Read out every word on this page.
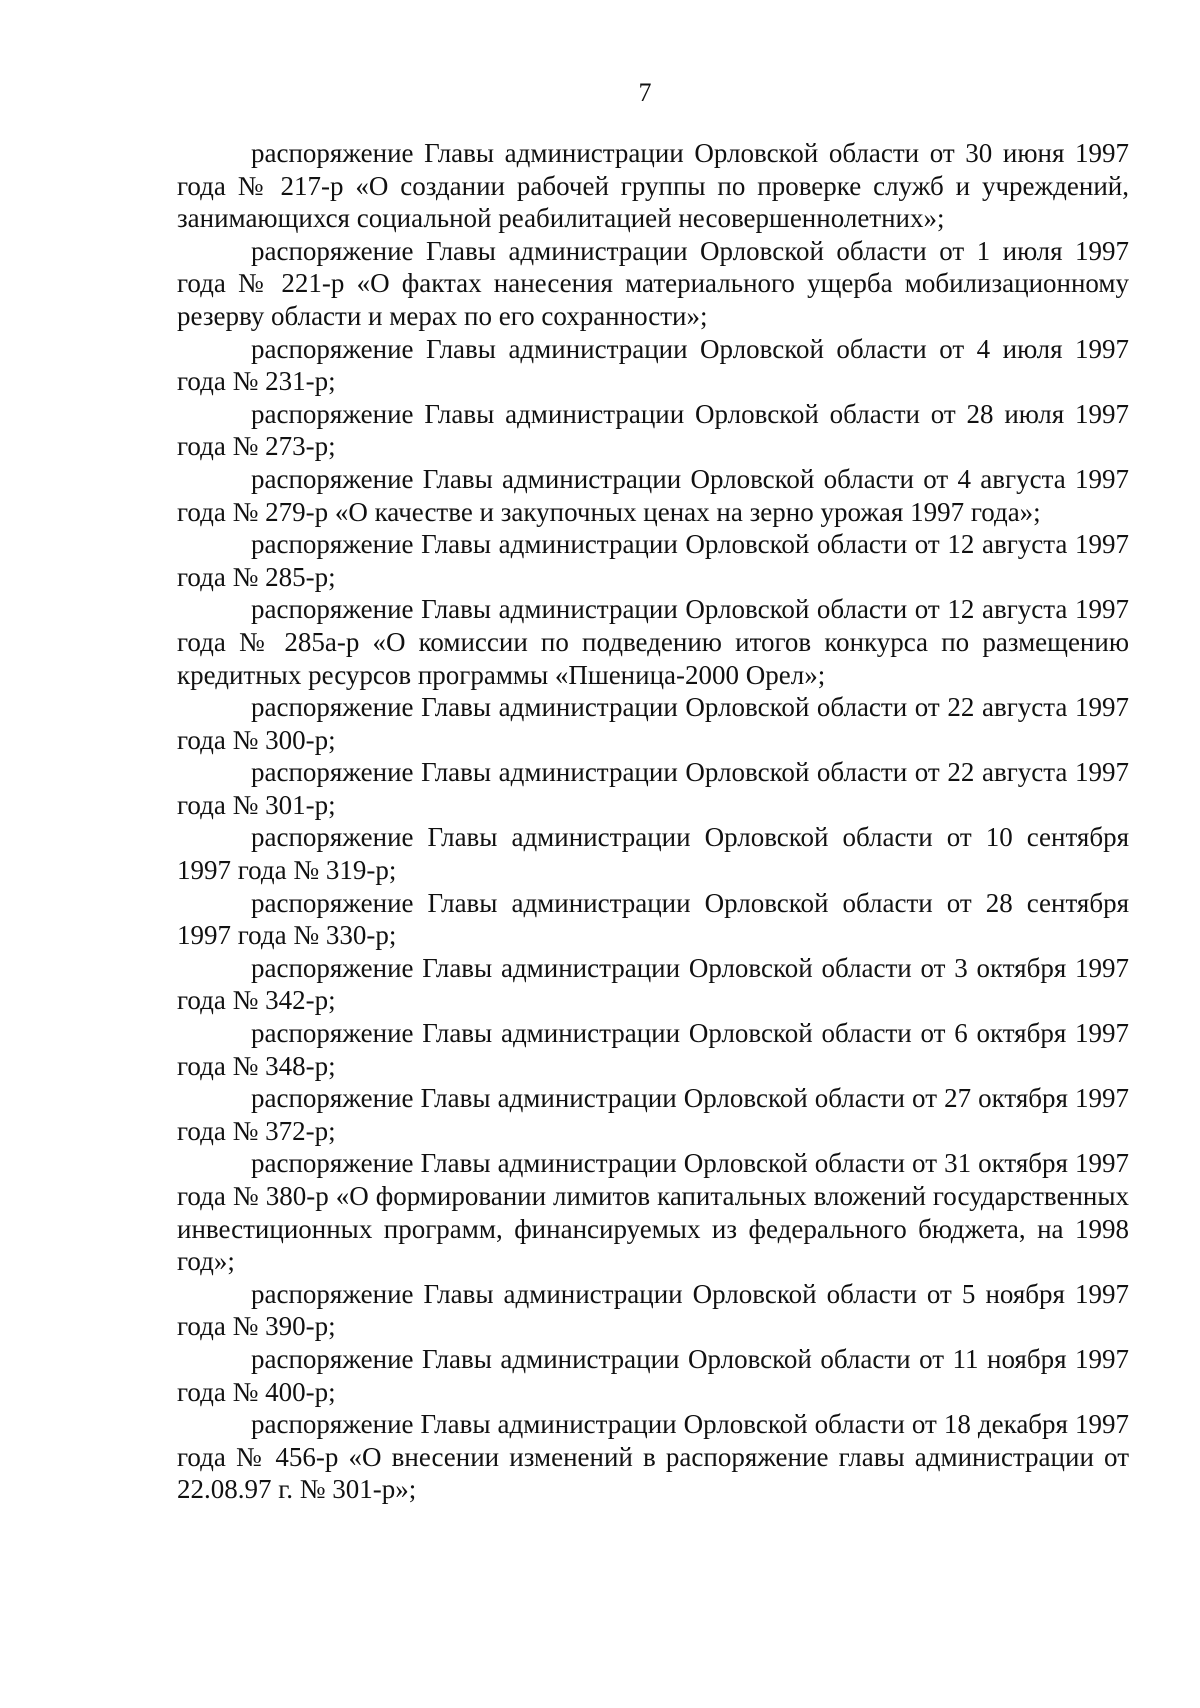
7

распоряжение Главы администрации Орловской области от 30 июня 1997 года № 217-р «О создании рабочей группы по проверке служб и учреждений, занимающихся социальной реабилитацией несовершеннолетних»;

распоряжение Главы администрации Орловской области от 1 июля 1997 года № 221-р «О фактах нанесения материального ущерба мобилизационному резерву области и мерах по его сохранности»;

распоряжение Главы администрации Орловской области от 4 июля 1997 года № 231-р;

распоряжение Главы администрации Орловской области от 28 июля 1997 года № 273-р;

распоряжение Главы администрации Орловской области от 4 августа 1997 года № 279-р «О качестве и закупочных ценах на зерно урожая 1997 года»;

распоряжение Главы администрации Орловской области от 12 августа 1997 года № 285-р;

распоряжение Главы администрации Орловской области от 12 августа 1997 года № 285а-р «О комиссии по подведению итогов конкурса по размещению кредитных ресурсов программы «Пшеница-2000 Орел»;

распоряжение Главы администрации Орловской области от 22 августа 1997 года № 300-р;

распоряжение Главы администрации Орловской области от 22 августа 1997 года № 301-р;

распоряжение Главы администрации Орловской области от 10 сентября 1997 года № 319-р;

распоряжение Главы администрации Орловской области от 28 сентября 1997 года № 330-р;

распоряжение Главы администрации Орловской области от 3 октября 1997 года № 342-р;

распоряжение Главы администрации Орловской области от 6 октября 1997 года № 348-р;

распоряжение Главы администрации Орловской области от 27 октября 1997 года № 372-р;

распоряжение Главы администрации Орловской области от 31 октября 1997 года № 380-р «О формировании лимитов капитальных вложений государственных инвестиционных программ, финансируемых из федерального бюджета, на 1998 год»;

распоряжение Главы администрации Орловской области от 5 ноября 1997 года № 390-р;

распоряжение Главы администрации Орловской области от 11 ноября 1997 года № 400-р;

распоряжение Главы администрации Орловской области от 18 декабря 1997 года № 456-р «О внесении изменений в распоряжение главы администрации от 22.08.97 г. № 301-р»;
